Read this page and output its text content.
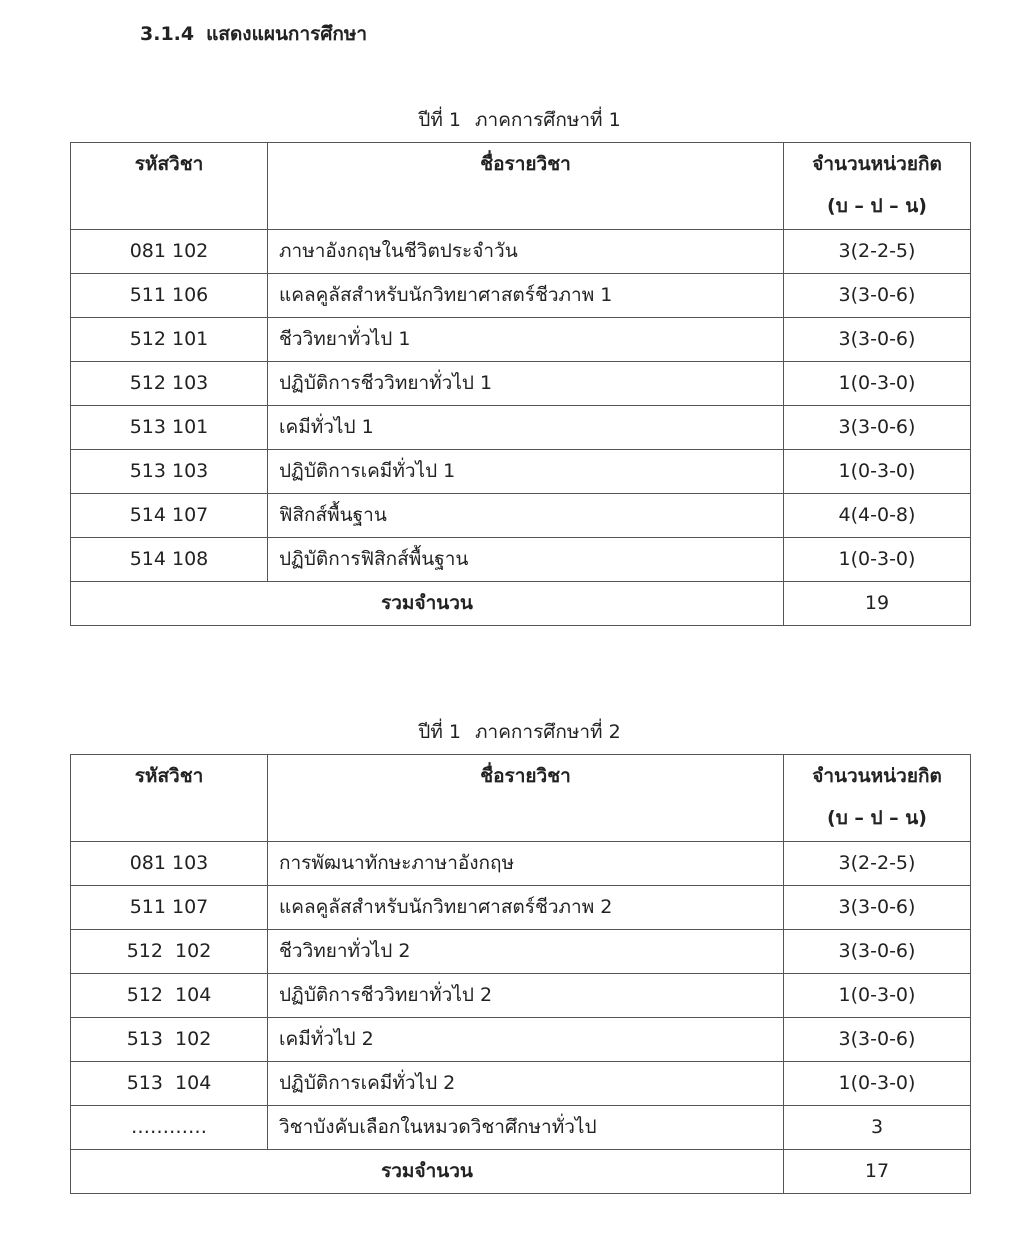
3.1.4 แสดงแผนการศึกษา
ปีที่ 1 ภาคการศึกษาที่ 1
รหัสวิชา	ชื่อรายวิชา	จำนวนหน่วยกิต
(บ – ป – น)

081 102	ภาษาอังกฤษในชีวิตประจำวัน	3(2-2-5)
511 106	แคลคูลัสสำหรับนักวิทยาศาสตร์ชีวภาพ 1	3(3-0-6)
512 101	ชีววิทยาทั่วไป 1	3(3-0-6)
512 103	ปฏิบัติการชีววิทยาทั่วไป 1	1(0-3-0)
513 101	เคมีทั่วไป 1	3(3-0-6)
513 103	ปฏิบัติการเคมีทั่วไป 1	1(0-3-0)
514 107	ฟิสิกส์พื้นฐาน	4(4-0-8)
514 108	ปฏิบัติการฟิสิกส์พื้นฐาน	1(0-3-0)
รวมจำนวน		19
ปีที่ 1 ภาคการศึกษาที่ 2
รหัสวิชา	ชื่อรายวิชา	จำนวนหน่วยกิต
(บ – ป – น)

081 103	การพัฒนาทักษะภาษาอังกฤษ	3(2-2-5)
511 107	แคลคูลัสสำหรับนักวิทยาศาสตร์ชีวภาพ 2	3(3-0-6)
512  102	ชีววิทยาทั่วไป 2	3(3-0-6)
512  104	ปฏิบัติการชีววิทยาทั่วไป 2	1(0-3-0)
513  102	เคมีทั่วไป 2	3(3-0-6)
513  104	ปฏิบัติการเคมีทั่วไป 2	1(0-3-0)
…………	วิชาบังคับเลือกในหมวดวิชาศึกษาทั่วไป	3
รวมจำนวน		17
